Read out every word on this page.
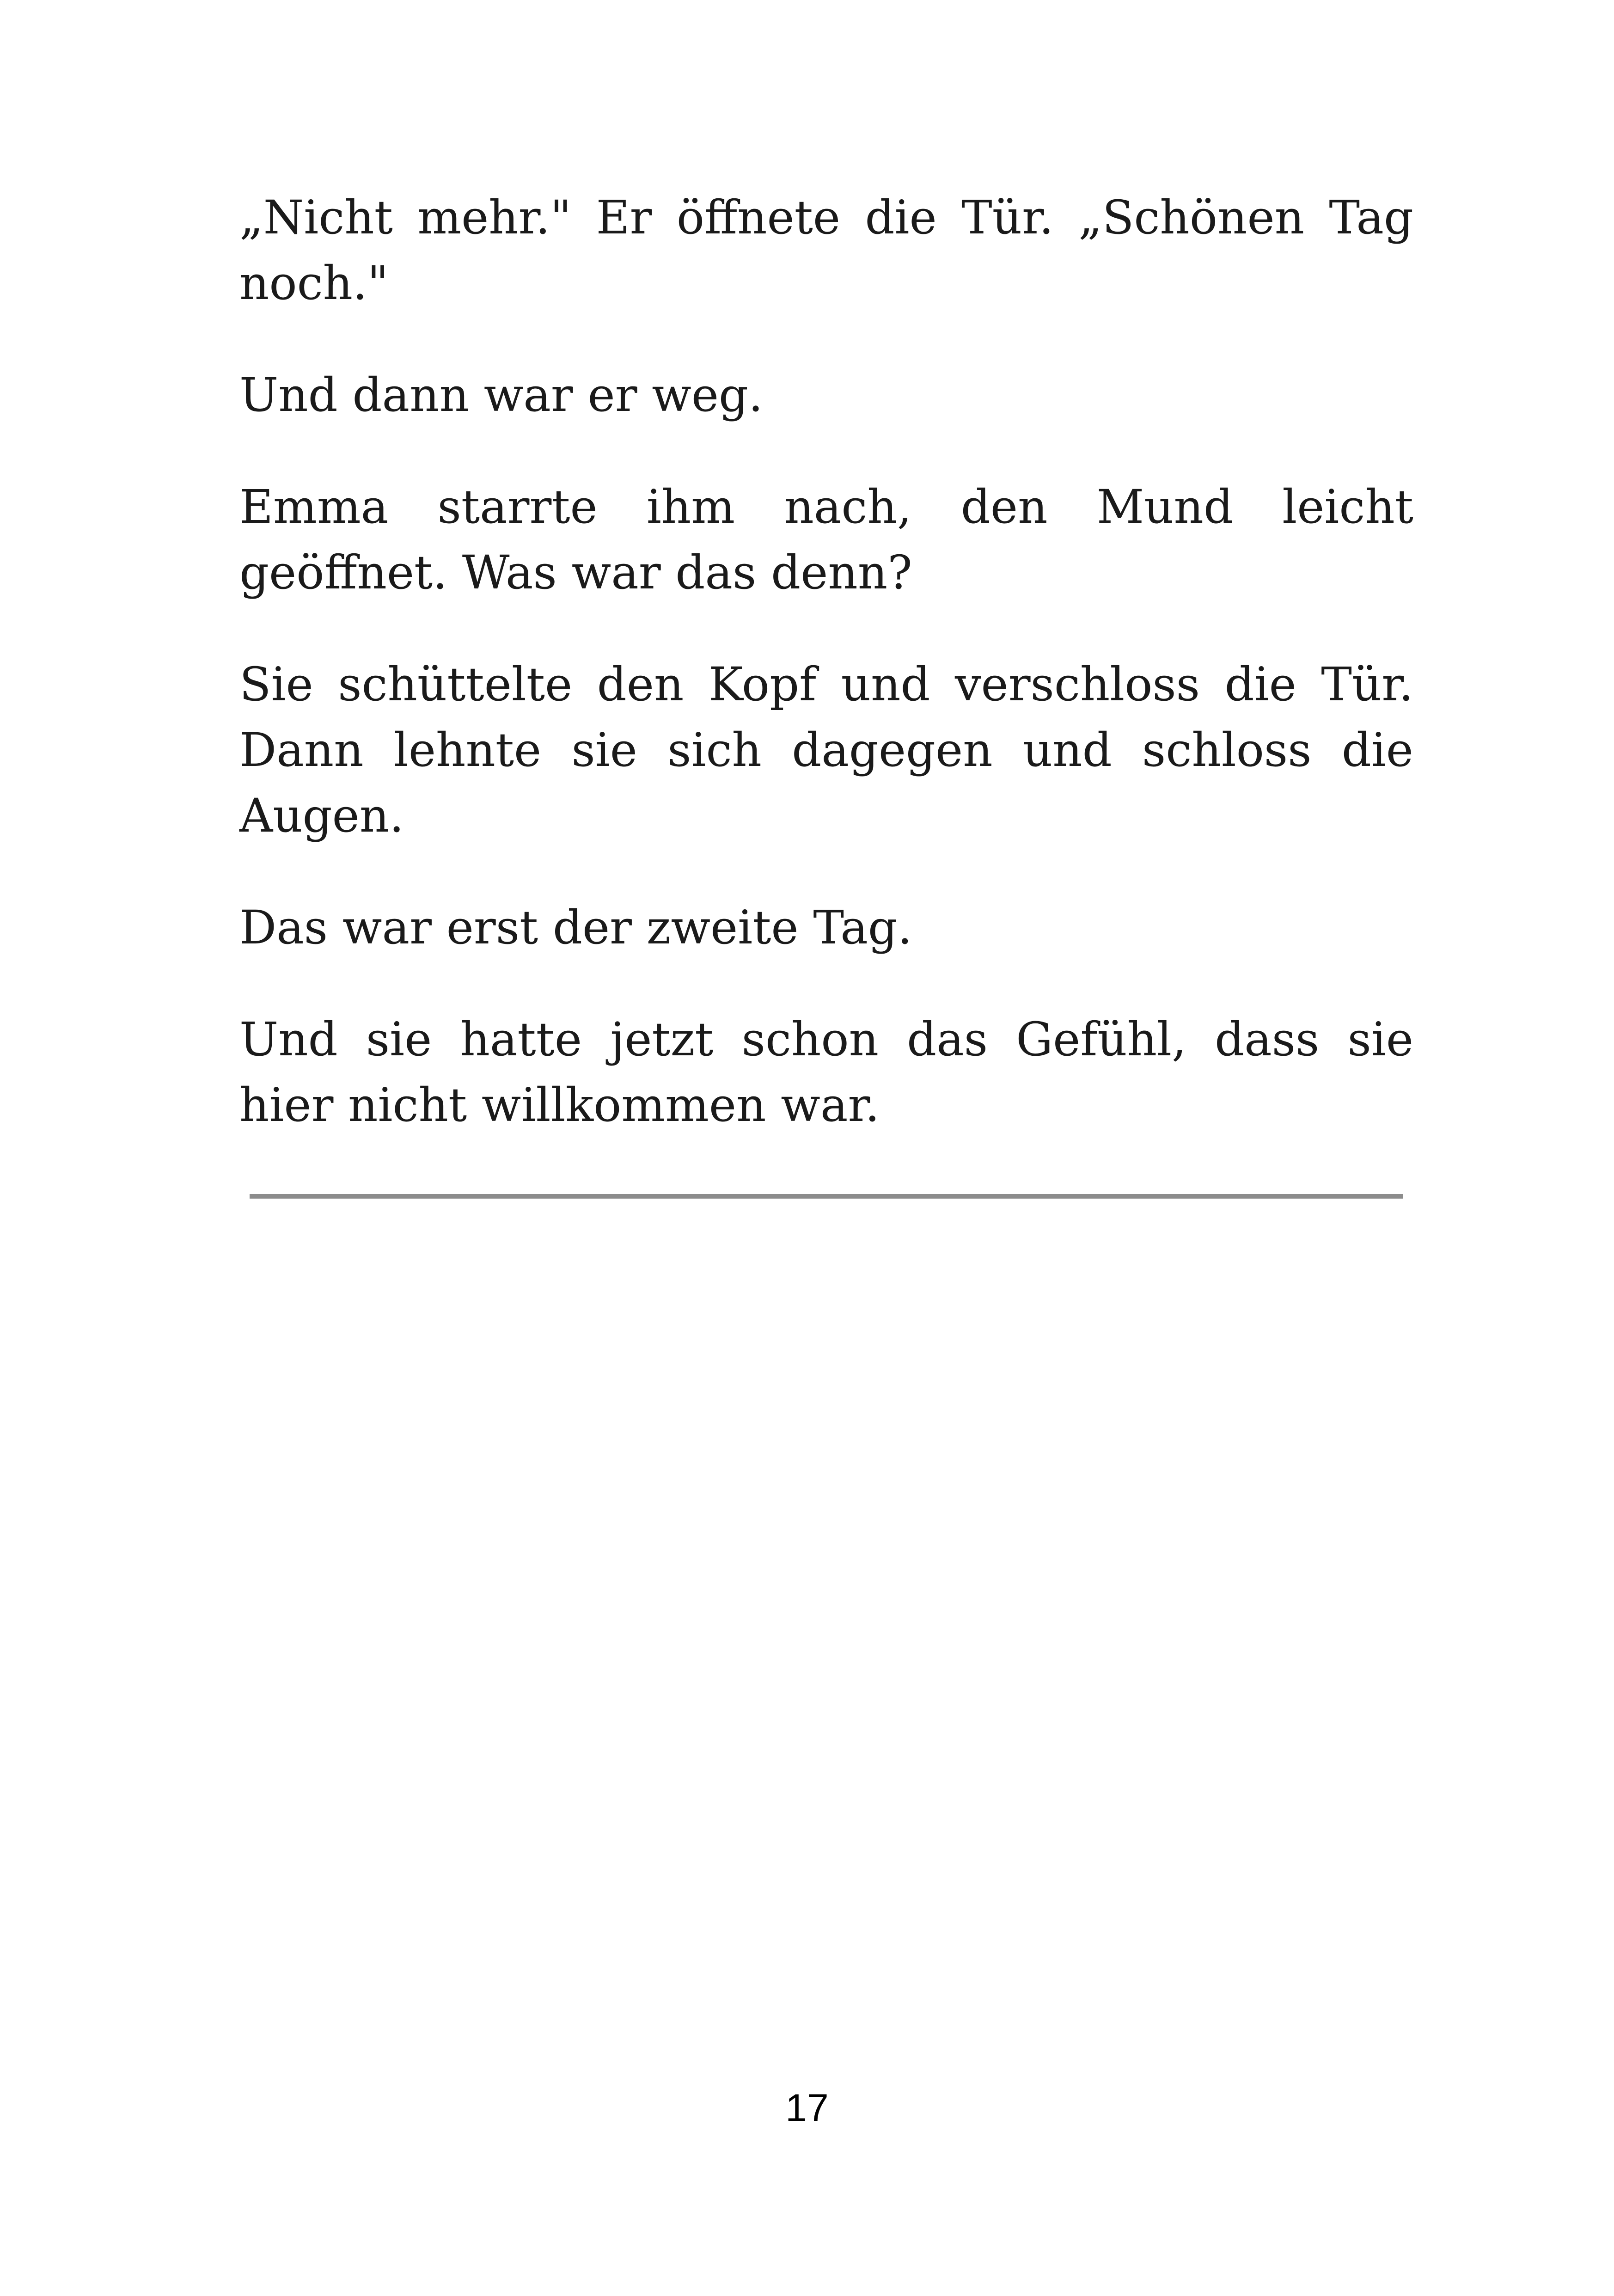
„Nicht mehr." Er öffnete die Tür. „Schönen Tag noch."

Und dann war er weg.

Emma starrte ihm nach, den Mund leicht geöffnet. Was war das denn?

Sie schüttelte den Kopf und verschloss die Tür. Dann lehnte sie sich dagegen und schloss die Augen.

Das war erst der zweite Tag.

Und sie hatte jetzt schon das Gefühl, dass sie hier nicht willkommen war.

17
